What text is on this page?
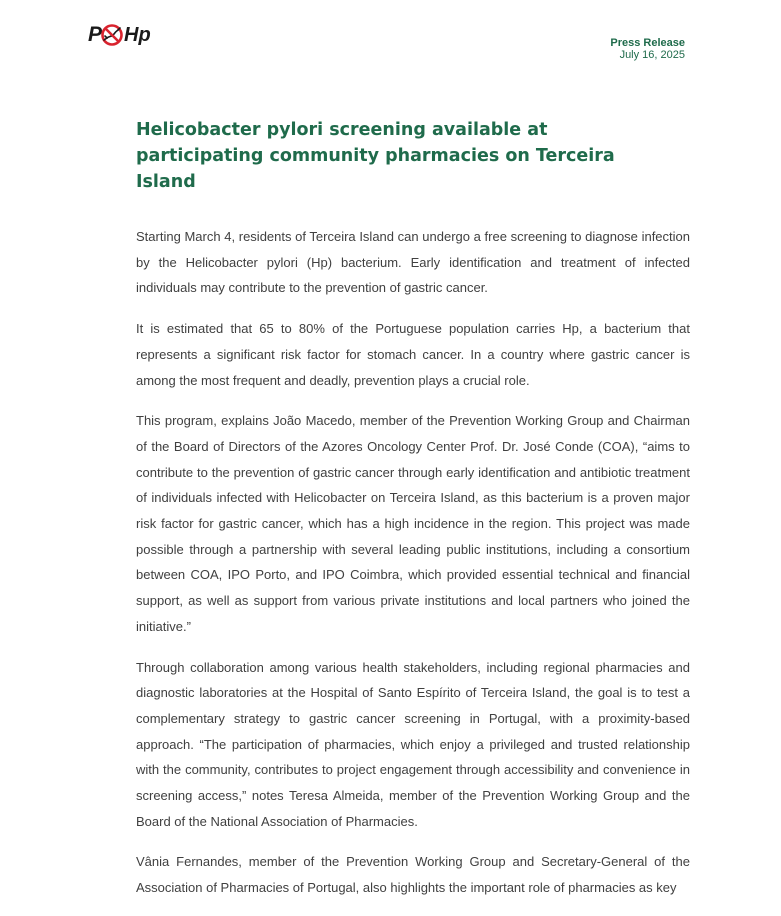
P Hp	Press Release
July 16, 2025
Helicobacter pylori screening available at participating community pharmacies on Terceira Island

Starting March 4, residents of Terceira Island can undergo a free screening to diagnose infection by the Helicobacter pylori (Hp) bacterium. Early identification and treatment of infected individuals may contribute to the prevention of gastric cancer.

It is estimated that 65 to 80% of the Portuguese population carries Hp, a bacterium that represents a significant risk factor for stomach cancer. In a country where gastric cancer is among the most frequent and deadly, prevention plays a crucial role.

This program, explains João Macedo, member of the Prevention Working Group and Chairman of the Board of Directors of the Azores Oncology Center Prof. Dr. José Conde (COA), “aims to contribute to the prevention of gastric cancer through early identification and antibiotic treatment of individuals infected with Helicobacter on Terceira Island, as this bacterium is a proven major risk factor for gastric cancer, which has a high incidence in the region. This project was made possible through a partnership with several leading public institutions, including a consortium between COA, IPO Porto, and IPO Coimbra, which provided essential technical and financial support, as well as support from various private institutions and local partners who joined the initiative.”

Through collaboration among various health stakeholders, including regional pharmacies and diagnostic laboratories at the Hospital of Santo Espírito of Terceira Island, the goal is to test a complementary strategy to gastric cancer screening in Portugal, with a proximity-based approach. “The participation of pharmacies, which enjoy a privileged and trusted relationship with the community, contributes to project engagement through accessibility and convenience in screening access,” notes Teresa Almeida, member of the Prevention Working Group and the Board of the National Association of Pharmacies.

Vânia Fernandes, member of the Prevention Working Group and Secretary-General of the Association of Pharmacies of Portugal, also highlights the important role of pharmacies as key
